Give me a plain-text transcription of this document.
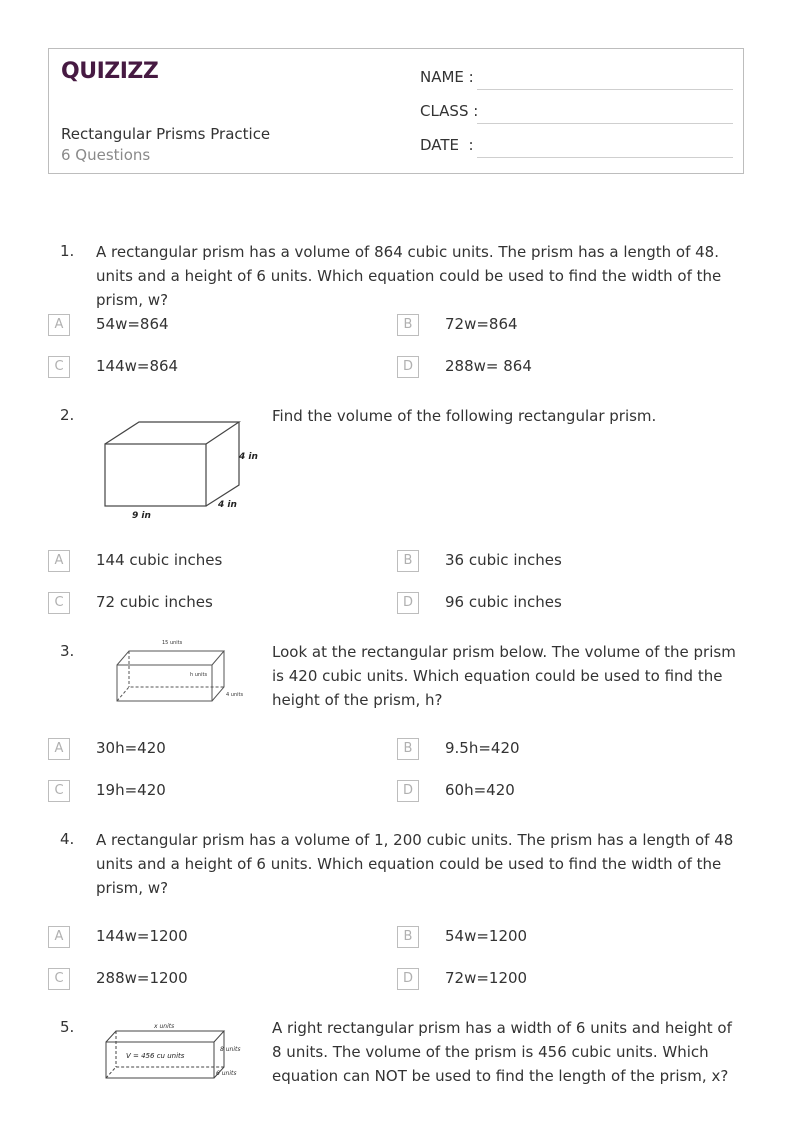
QUIZIZZ
Rectangular Prisms Practice
6 Questions
NAME :
CLASS :
DATE  :
1. A rectangular prism has a volume of 864 cubic units. The prism has a length of 48. units and a height of 6 units. Which equation could be used to find the width of the prism, w?
A	54w=864	B	72w=864
C	144w=864	D	288w= 864
2.
4 in
4 in
9 in
Find the volume of the following rectangular prism.
A	144 cubic inches	B	36 cubic inches
C	72 cubic inches	D	96 cubic inches
3.	15 units
h units
4 units
Look at the rectangular prism below. The volume of the prism is 420 cubic units. Which equation could be used to find the height of the prism, h?
A	30h=420	B	9.5h=420
C	19h=420	D	60h=420
4. A rectangular prism has a volume of 1, 200 cubic units. The prism has a length of 48 units and a height of 6 units. Which equation could be used to find the width of the prism, w?
A	144w=1200	B	54w=1200
C	288w=1200	D	72w=1200
5.	x units
8 units
6 units
V = 456 cu units
A right rectangular prism has a width of 6 units and height of 8 units. The volume of the prism is 456 cubic units. Which equation can NOT be used to find the length of the prism, x?
